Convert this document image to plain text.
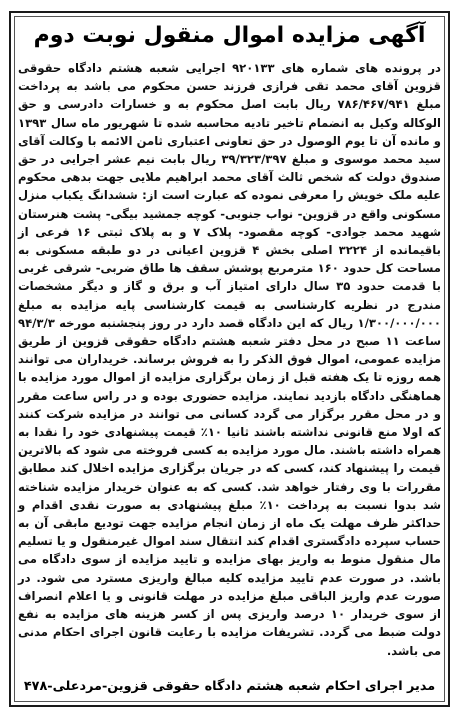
آگهی مزایده اموال منقول نوبت دوم

در پرونده های شماره های ۹۲۰۱۳۳ اجرایی شعبه هشتم دادگاه حقوقی قزوین آقای محمد تقی فرازی فرزند حسن محکوم می باشد به پرداخت مبلغ ۷۸۶/۴۶۷/۹۴۱ ریال بابت اصل محکوم به و خسارات دادرسی و حق الوکاله وکیل به انضمام تاخیر تادیه محاسبه شده تا شهریور ماه سال ۱۳۹۳ و مانده آن تا یوم الوصول در حق تعاونی اعتباری ثامن الائمه با وکالت آقای سید محمد موسوی و مبلغ ۳۹/۳۲۳/۳۹۷ ریال بابت نیم عشر اجرایی در حق صندوق دولت که شخص ثالث آقای محمد ابراهیم ملایی جهت بدهی محکوم علیه ملک خویش را معرفی نموده که عبارت است از: ششدانگ یکباب منزل مسکونی واقع در قزوین- نواب جنوبی- کوچه جمشید بیگی- پشت هنرستان شهید محمد جوادی- کوچه مقصود- پلاک ۷ و به پلاک ثبتی ۱۶ فرعی از باقیمانده از ۳۲۲۴ اصلی بخش ۴ قزوین اعیانی در دو طبقه مسکونی به مساحت کل حدود ۱۶۰ مترمربع پوشش سقف ها طاق ضربی- شرقی غربی با قدمت حدود ۳۵ سال دارای امتیاز آب و برق و گاز و دیگر مشخصات مندرج در نظریه کارشناسی به قیمت کارشناسی پایه مزایده به مبلغ ۱/۳۰۰/۰۰۰/۰۰۰ ریال که این دادگاه قصد دارد در روز پنجشنبه مورخه ۹۴/۳/۳ ساعت ۱۱ صبح در محل دفتر شعبه هشتم دادگاه حقوقی قزوین از طریق مزایده عمومی، اموال فوق الذکر را به فروش برساند. خریداران می توانند همه روزه تا یک هفته قبل از زمان برگزاری مزایده از اموال مورد مزایده با هماهنگی دادگاه بازدید نمایند. مزایده حضوری بوده و در راس ساعت مقرر و در محل مقرر برگزار می گردد کسانی می توانند در مزایده شرکت کنند که اولا منع قانونی نداشته باشند ثانیا ۱۰٪ قیمت پیشنهادی خود را نقدا به همراه داشته باشند. مال مورد مزایده به کسی فروخته می شود که بالاترین قیمت را پیشنهاد کند، کسی که در جریان برگزاری مزایده اخلال کند مطابق مقررات با وی رفتار خواهد شد. کسی که به عنوان خریدار مزایده شناخته شد بدوا نسبت به پرداخت ۱۰٪ مبلغ پیشنهادی به صورت نقدی اقدام و حداکثر ظرف مهلت یک ماه از زمان انجام مزایده جهت تودیع مابقی آن به حساب سپرده دادگستری اقدام کند انتقال سند اموال غیرمنقول و یا تسلیم مال منقول منوط به واریز بهای مزایده و تایید مزایده از سوی دادگاه می باشد. در صورت عدم تایید مزایده کلیه مبالغ واریزی مسترد می شود. در صورت عدم واریز الباقی مبلغ مزایده در مهلت قانونی و یا اعلام انصراف از سوی خریدار ۱۰ درصد واریزی پس از کسر هزینه های مزایده به نفع دولت ضبط می گردد. تشریفات مزایده با رعایت قانون اجرای احکام مدنی می باشد.

مدیر اجرای احکام شعبه هشتم دادگاه حقوقی قزوین-مردعلی-۴۷۸
